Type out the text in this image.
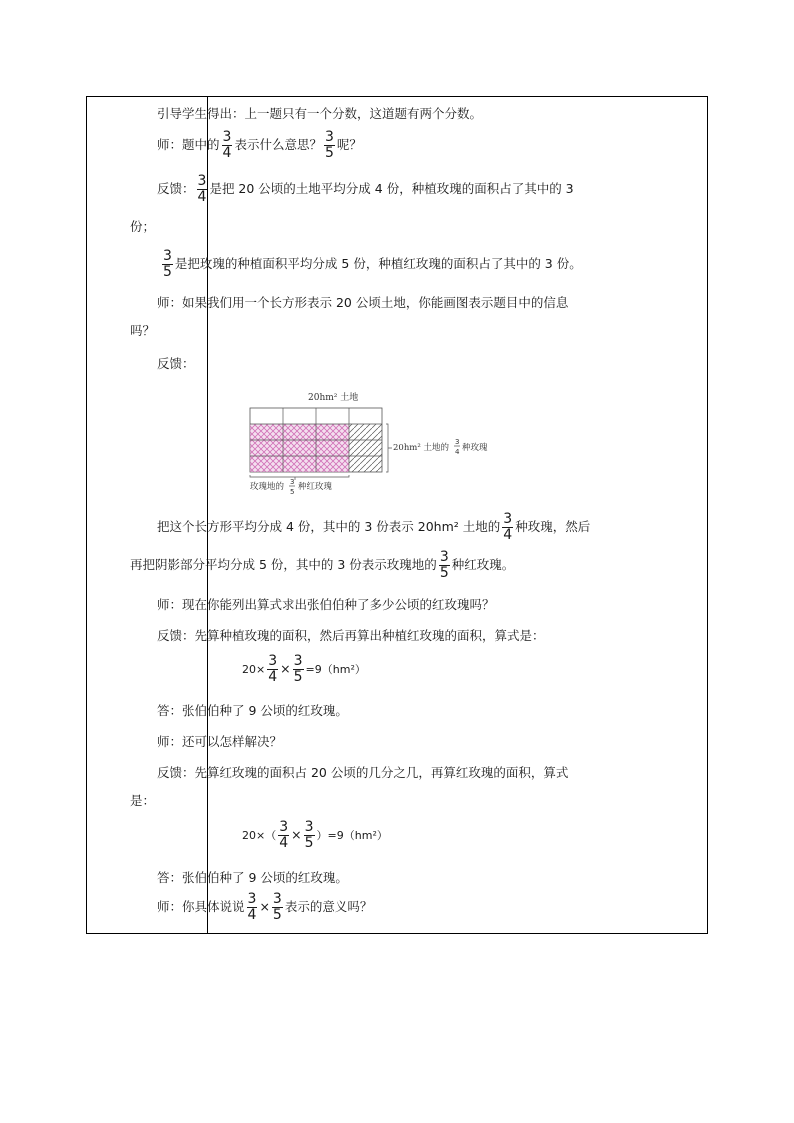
引导学生得出：上一题只有一个分数，这道题有两个分数。
师：题中的 $\frac{3}{4}$ 表示什么意思？ $\frac{3}{5}$ 呢？
反馈： $\frac{3}{4}$ 是把 20 公顷的土地平均分成 4 份，种植玫瑰的面积占了其中的 3
份；
$\frac{3}{5}$ 是把玫瑰的种植面积平均分成 5 份，种植红玫瑰的面积占了其中的 3 份。
师：如果我们用一个长方形表示 20 公顷土地，你能画图表示题目中的信息
吗？
反馈：
20hm² 土地
20hm² 土地的
3
4 种玫瑰
玫瑰地的 3
5 种红玫瑰
把这个长方形平均分成 4 份，其中的 3 份表示 20hm² 土地的 $\frac{3}{4}$ 种玫瑰，然后
再把阴影部分平均分成 5 份，其中的 3 份表示玫瑰地的 $\frac{3}{5}$ 种红玫瑰。
师：现在你能列出算式求出张伯伯种了多少公顷的红玫瑰吗？
反馈：先算种植玫瑰的面积，然后再算出种植红玫瑰的面积，算式是：
$20\times \frac{3}{4} \times \frac{3}{5} =9(hm^2)$
答：张伯伯种了 9 公顷的红玫瑰。
师：还可以怎样解决？
反馈：先算红玫瑰的面积占 20 公顷的几分之几，再算红玫瑰的面积，算式
是：
$20\times( \frac{3}{4} \times \frac{3}{5} )=9(hm^2)$
答：张伯伯种了 9 公顷的红玫瑰。
师：你具体说说 $\frac{3}{4} \times \frac{3}{5}$ 表示的意义吗？
